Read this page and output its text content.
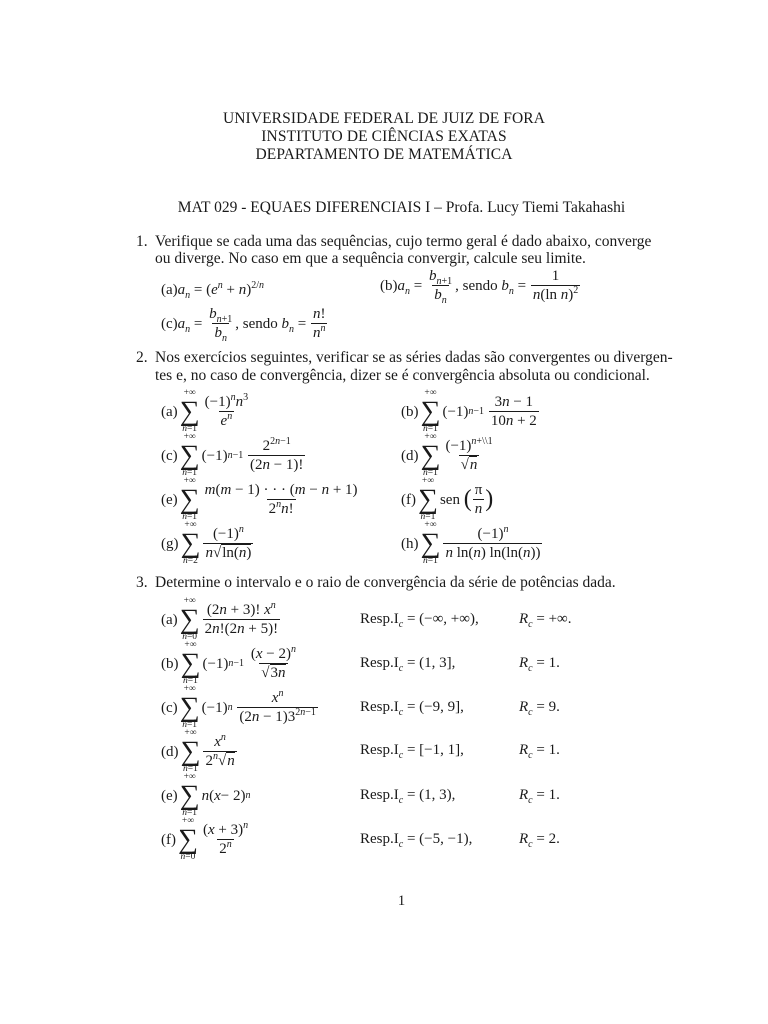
UNIVERSIDADE FEDERAL DE JUIZ DE FORA
INSTITUTO DE CIÊNCIAS EXATAS
DEPARTAMENTO DE MATEMÁTICA
MAT 029 - EQUAES DIFERENCIAIS I – Profa. Lucy Tiemi Takahashi
1. Verifique se cada uma das sequências, cujo termo geral é dado abaixo, converge
ou diverge. No caso em que a sequência convergir, calcule seu limite.
$(a)a_n = (e^n + n)^{2/n}$	(b) $a_n = \frac{b_{n+1}}{b_n}$ , sendo
$b_n = \frac{1}{n(\ln n)^2}$
(c) $a_n = \frac{b_{n+1}}{b_n}$ , sendo
$b_n = \frac{n!}{n^n}$
2. Nos exercícios seguintes, verificar se as séries dadas são convergentes ou divergen-
tes e, no caso de convergência, dizer se é convergência absoluta ou condicional.
(a)
+∞
∑
$n=1 \frac{(-1)^nn^3}{e^n}$	(b)
+∞
∑
n=1
(−1) n−1
$\frac{3n - 1}{10n + 2}$
(c)
+∞
∑
n=1
(−1) n−1
$\frac{2^{2n-1}}{(2n - 1)!}$	(d)
+∞
∑
$n=1 \frac{(-1)^{n+\backslash\backslash 1}}{√n}$
(e)
+∞
∑
$n=1 \frac{m(m - 1) \cdot \cdot \cdot (m - n + 1)}{2^nn!}$	(f)
+∞
∑
n=1
sen ( $\frac{\pi}{n}$ )
(g)
+∞
∑
$n=2 \frac{(-1)^n}{n√\ln(n)}$	(h)
+∞
∑
$n=1 \frac{(-1)^n}{\text{n ln(n) ln(ln(n))}}$
3. Determine o intervalo e o raio de convergência da série de potências dada.
(a)
+∞
∑
$n=0 \frac{(2n + 3)! x^n}{2n!(2n + 5)!}$	$Resp.I_c$ = (−∞, +∞),	$R_c$ = +∞.
(b)
+∞
∑
n=1
(−1) n−1
$\frac{(x - 2)^n}{√3n}$	$Resp.I_c = (1$, 3],	$R_c = 1$.
(c)
+∞
∑
n=1
(−1) n
$\frac{x^n}{(2n - 1)3^{2n-1}}$	$Resp.I_c = (-9$, 9],	$R_c = 9$.
(d)
+∞
∑
$n=1 \frac{x^n}{2^n√n}$	$Resp.I_c = [-1$, 1],	$R_c = 1$.
(e)
+∞
∑
n=1
n ( x − 2) n	$Resp.I_c = (1$, 3),	$R_c = 1$.
(f)
+∞
∑
$n=0 \frac{(x + 3)^n}{2^n}$	$Resp.I_c = (-5$, −1),	$R_c = 2$.
1
